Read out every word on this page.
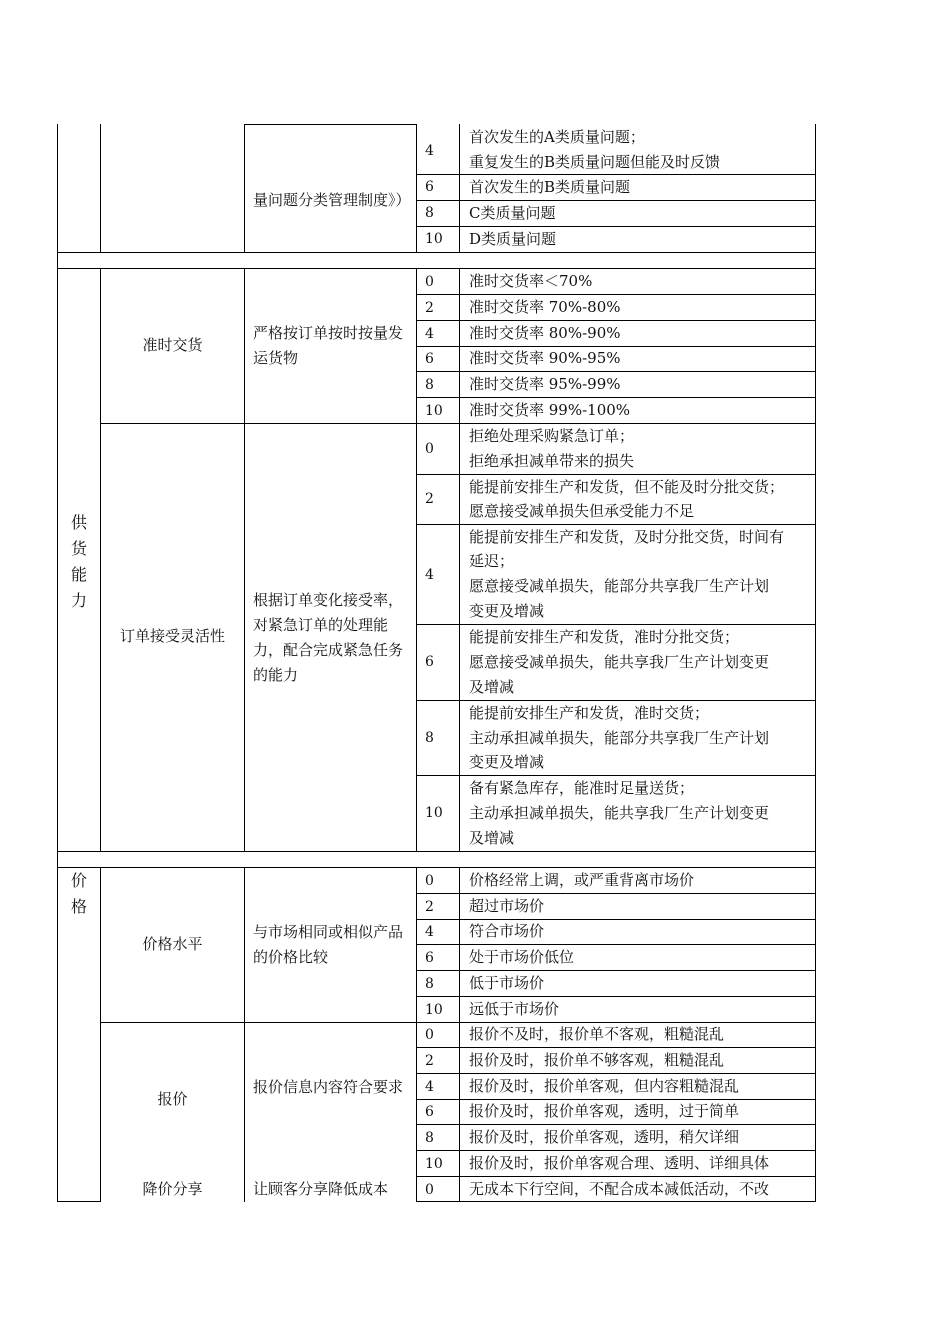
量问题分类管理制度》）
4
首次发生的A类质量问题；
重复发生的B类质量问题但能及时反馈
6 首次发生的B类质量问题
8 C类质量问题
10 D类质量问题
供货能力
准时交货
严格按订单按时按量发运货物
0 准时交货率＜70%
2 准时交货率 70%-80%
4 准时交货率 80%-90%
6 准时交货率 90%-95%
8 准时交货率 95%-99%
10 准时交货率 99%-100%
订单接受灵活性
根据订单变化接受率，对紧急订单的处理能力，配合完成紧急任务的能力
0
拒绝处理采购紧急订单；
拒绝承担减单带来的损失
2
能提前安排生产和发货，但不能及时分批交货；
愿意接受减单损失但承受能力不足
4
能提前安排生产和发货，及时分批交货，时间有
延迟；
愿意接受减单损失，能部分共享我厂生产计划
变更及增减
6
能提前安排生产和发货，准时分批交货；
愿意接受减单损失，能共享我厂生产计划变更
及增减
8
能提前安排生产和发货，准时交货；
主动承担减单损失，能部分共享我厂生产计划
变更及增减
10
备有紧急库存，能准时足量送货；
主动承担减单损失，能共享我厂生产计划变更
及增减
价格
价格水平
与市场相同或相似产品的价格比较
0 价格经常上调，或严重背离市场价
2 超过市场价
4 符合市场价
6 处于市场价低位
8 低于市场价
10 远低于市场价
报价
报价信息内容符合要求
0 报价不及时，报价单不客观，粗糙混乱
2 报价及时，报价单不够客观，粗糙混乱
4 报价及时，报价单客观，但内容粗糙混乱
6 报价及时，报价单客观，透明，过于简单
8 报价及时，报价单客观，透明，稍欠详细
10 报价及时，报价单客观合理、透明、详细具体
降价分享	让顾客分享降低成本	0 无成本下行空间，不配合成本减低活动，不改
